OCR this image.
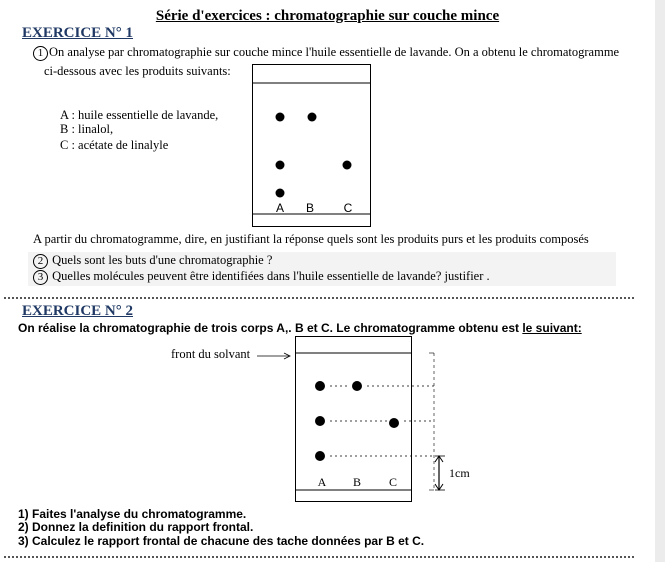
Série d'exercices : chromatographie sur couche mince
EXERCICE N° 1
1 On analyse par chromatographie sur couche mince l'huile essentielle de lavande. On a obtenu le chromatogramme
ci-dessous avec les produits suivants:
A : huile essentielle de lavande,
B : linalol,
C : acétate de linalyle
A B C
A partir du chromatogramme, dire, en justifiant la réponse quels sont les produits purs et les produits composés
2 Quels sont les buts d'une chromatographie ?
3 Quelles molécules peuvent être identifiées dans l'huile essentielle de lavande? justifier .
EXERCICE N° 2
On réalise la chromatographie de trois corps A,. B et C. Le chromatogramme obtenu est le suivant:
front du solvant
1cm
A B C
1) Faites l'analyse du chromatogramme.
2) Donnez la definition du rapport frontal.
3) Calculez le rapport frontal de chacune des tache données par B et C.
